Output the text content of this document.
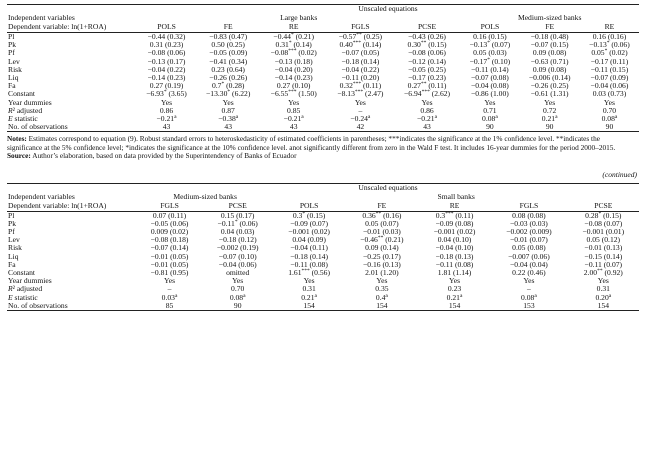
	Unscaled equations							
Independent variables	Large banks					Medium-sized banks		
Dependent variable: ln(1+ROA)	POLS	FE	RE	FGLS	PCSE	POLS	FE	RE
Pl	−0.44 (0.32)	−0.83 (0.47)	−0.44* (0.21)	−0.57** (0.25)	−0.43 (0.26)	0.16 (0.15)	−0.18 (0.48)	0.16 (0.16)
Pk	0.31 (0.23)	0.50 (0.25)	0.31* (0.14)	0.40*** (0.14)	0.30** (0.15)	−0.13* (0.07)	−0.07 (0.15)	−0.13* (0.06)
Pf	−0.08 (0.06)	−0.05 (0.09)	−0.08*** (0.02)	−0.07 (0.05)	−0.08 (0.06)	0.05 (0.03)	0.09 (0.08)	0.05* (0.02)
Lev	−0.13 (0.17)	−0.41 (0.34)	−0.13 (0.18)	−0.18 (0.14)	−0.12 (0.14)	−0.17* (0.10)	−0.63 (0.71)	−0.17 (0.11)
Risk	−0.04 (0.22)	0.23 (0.64)	−0.04 (0.20)	−0.04 (0.22)	−0.05 (0.25)	−0.11 (0.14)	0.09 (0.08)	−0.11 (0.15)
Liq	−0.14 (0.23)	−0.26 (0.26)	−0.14 (0.23)	−0.11 (0.20)	−0.17 (0.23)	−0.07 (0.08)	−0.006 (0.14)	−0.07 (0.09)
Fa	0.27 (0.19)	0.7* (0.28)	0.27 (0.10)	0.32*** (0.11)	0.27** (0.11)	−0.04 (0.08)	−0.26 (0.25)	−0.04 (0.06)
Constant	−6.93* (3.65)	−13.30* (6.22)	−6.55*** (1.50)	−8.13*** (2.47)	−6.94*** (2.62)	−0.86 (1.00)	−0.61 (1.31)	0.03 (0.73)
Year dummies	Yes	Yes	Yes	Yes	Yes	Yes	Yes	Yes
R² adjusted	0.86	0.87	0.85	–	0.86	0.71	0.72	0.70
E statistic	−0.21$^a$	−0.38$^a$	−0.21$^a$	−0.24$^a$	−0.21$^a$	0.08$^a$	0.21$^a$	0.08$^a$
No. of observations	43	43	43	42	43	90	90	90
Notes: Estimates correspond to equation (9). Robust standard errors to heteroskedasticity of estimated coefficients in parentheses; ***indicates the significance at the 1% confidence level. **indicates the significance at the 5% confidence level; *indicates the significance at the 10% confidence level. anot significantly different from zero in the Wald F test. It includes 16-year dummies for the period 2000–2015.
Source: Author’s elaboration, based on data provided by the Superintendency of Banks of Ecuador
(continued)
	Unscaled equations						
Independent variables	Medium-sized banks		Small banks				
Dependent variable: ln(1+ROA)	FGLS	PCSE	POLS	FE	RE	FGLS	PCSE
Pl	0.07 (0.11)	0.15 (0.17)	0.3* (0.15)	0.36** (0.16)	0.3*** (0.11)	0.08 (0.08)	0.28* (0.15)
Pk	−0.05 (0.06)	−0.11* (0.06)	−0.09 (0.07)	0.05 (0.07)	−0.09 (0.08)	−0.03 (0.03)	−0.08 (0.07)
Pf	0.009 (0.02)	0.04 (0.03)	−0.001 (0.02)	−0.01 (0.03)	−0.001 (0.02)	−0.002 (0.009)	−0.001 (0.01)
Lev	−0.08 (0.18)	−0.18 (0.12)	0.04 (0.09)	−0.46** (0.21)	0.04 (0.10)	−0.01 (0.07)	0.05 (0.12)
Risk	−0.07 (0.14)	−0.002 (0.19)	−0.04 (0.11)	0.09 (0.14)	−0.04 (0.10)	0.05 (0.08)	−0.01 (0.13)
Liq	−0.01 (0.05)	−0.07 (0.10)	−0.18 (0.14)	−0.25 (0.17)	−0.18 (0.13)	−0.007 (0.06)	−0.15 (0.14)
Fa	−0.01 (0.05)	−0.04 (0.06)	−0.11 (0.08)	−0.16 (0.13)	−0.11 (0.08)	−0.04 (0.04)	−0.11 (0.07)
Constant	−0.81 (0.95)	omitted	1.61*** (0.56)	2.01 (1.20)	1.81 (1.14)	0.22 (0.46)	2.00** (0.92)
Year dummies	Yes	Yes	Yes	Yes	Yes	Yes	Yes
R² adjusted	–	0.70	0.31	0.35	0.23	–	0.31
E statistic	0.03$^a$	0.08$^a$	0.21$^a$	0.4$^a$	0.21$^a$	0.08$^a$	0.20$^a$
No. of observations	85	90	154	154	154	153	154
